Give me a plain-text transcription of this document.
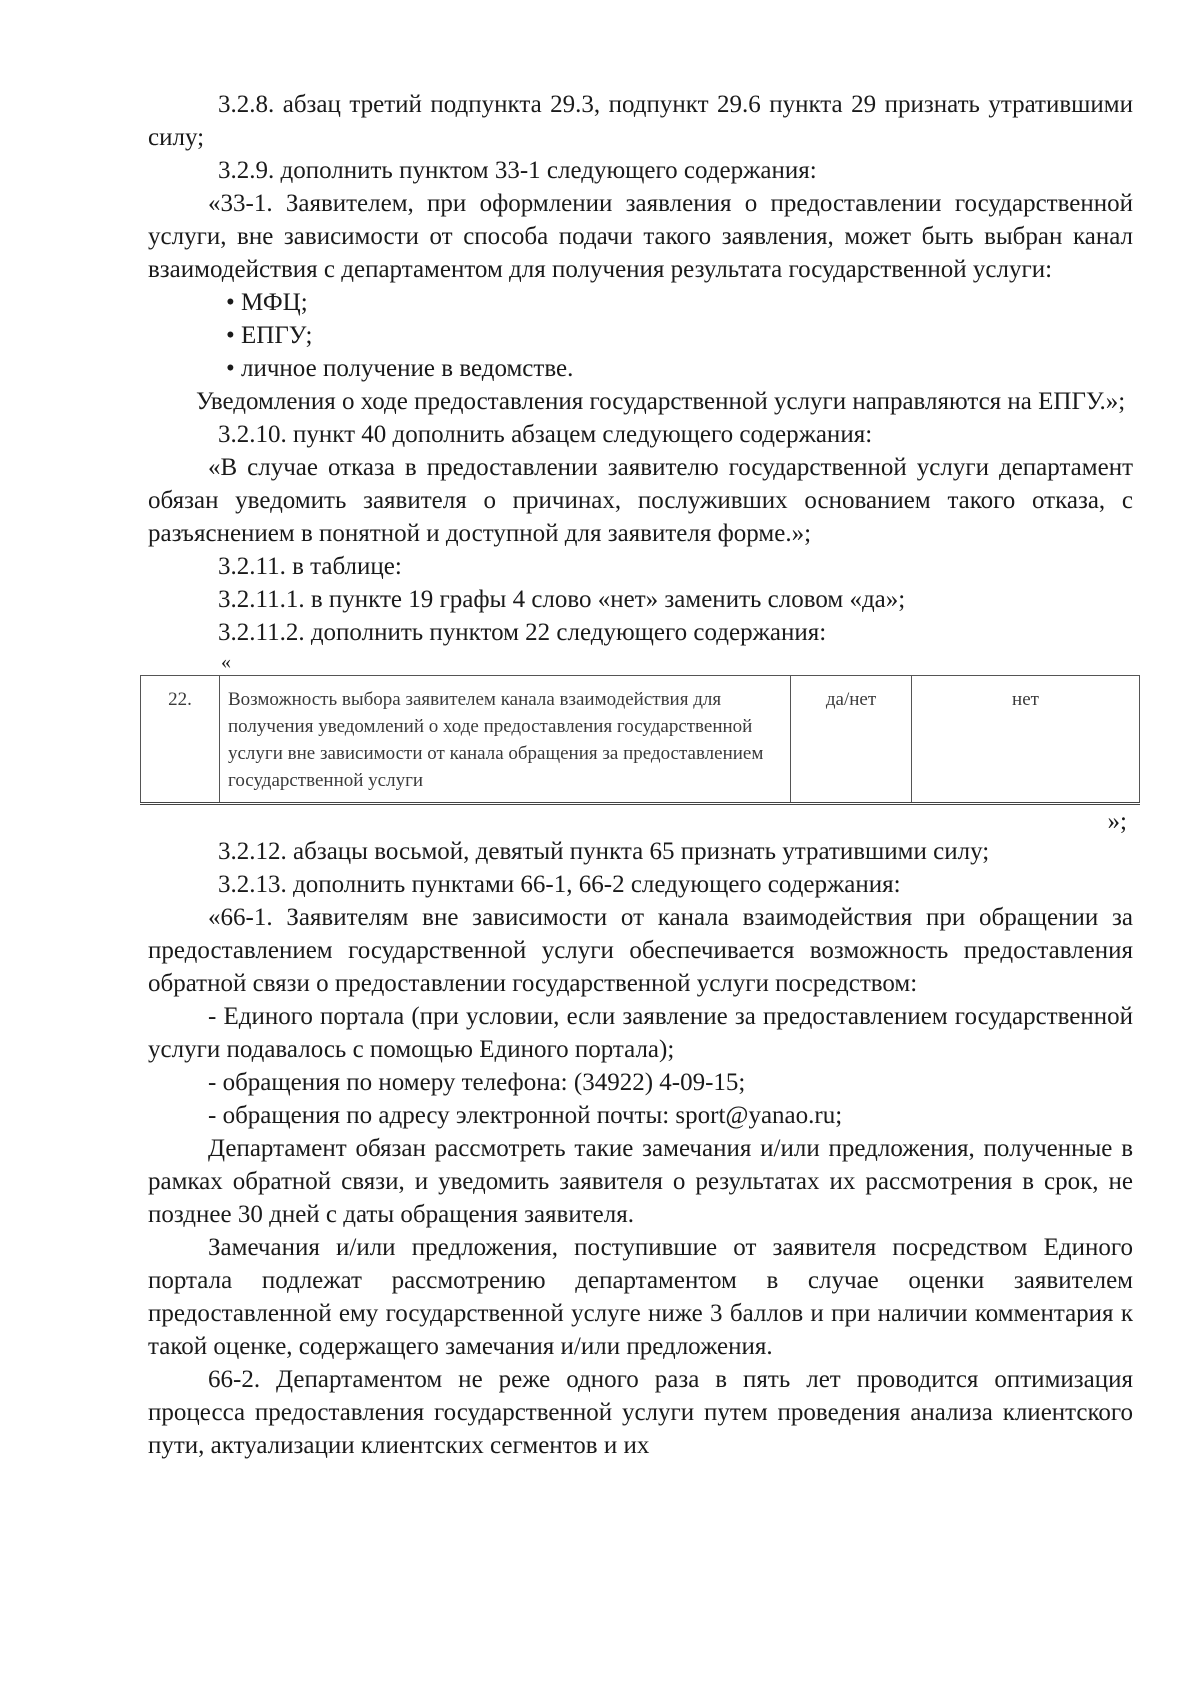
3.2.8. абзац третий подпункта 29.3, подпункт 29.6 пункта 29 признать утратившими силу;

3.2.9. дополнить пунктом 33-1 следующего содержания:

«33-1. Заявителем, при оформлении заявления о предоставлении государственной услуги, вне зависимости от способа подачи такого заявления, может быть выбран канал взаимодействия с департаментом для получения результата государственной услуги:

• МФЦ;

• ЕПГУ;

• личное получение в ведомстве.

Уведомления о ходе предоставления государственной услуги направляются на ЕПГУ.»;

3.2.10. пункт 40 дополнить абзацем следующего содержания:

«В случае отказа в предоставлении заявителю государственной услуги департамент обязан уведомить заявителя о причинах, послуживших основанием такого отказа, с разъяснением в понятной и доступной для заявителя форме.»;

3.2.11. в таблице:

3.2.11.1. в пункте 19 графы 4 слово «нет» заменить словом «да»;

3.2.11.2. дополнить пунктом 22 следующего содержания:

«

22.	Возможность выбора заявителем канала взаимодействия для получения уведомлений о ходе предоставления государственной услуги вне зависимости от канала обращения за предоставлением государственной услуги	да/нет	нет

»;

3.2.12. абзацы восьмой, девятый пункта 65 признать утратившими силу;

3.2.13. дополнить пунктами 66-1, 66-2 следующего содержания:

«66-1. Заявителям вне зависимости от канала взаимодействия при обращении за предоставлением государственной услуги обеспечивается возможность предоставления обратной связи о предоставлении государственной услуги посредством:

- Единого портала (при условии, если заявление за предоставлением государственной услуги подавалось с помощью Единого портала);

- обращения по номеру телефона: (34922) 4-09-15;

- обращения по адресу электронной почты: sport@yanao.ru;

Департамент обязан рассмотреть такие замечания и/или предложения, полученные в рамках обратной связи, и уведомить заявителя о результатах их рассмотрения в срок, не позднее 30 дней с даты обращения заявителя.

Замечания и/или предложения, поступившие от заявителя посредством Единого портала подлежат рассмотрению департаментом в случае оценки заявителем предоставленной ему государственной услуге ниже 3 баллов и при наличии комментария к такой оценке, содержащего замечания и/или предложения.

66-2. Департаментом не реже одного раза в пять лет проводится оптимизация процесса предоставления государственной услуги путем проведения анализа клиентского пути, актуализации клиентских сегментов и их
